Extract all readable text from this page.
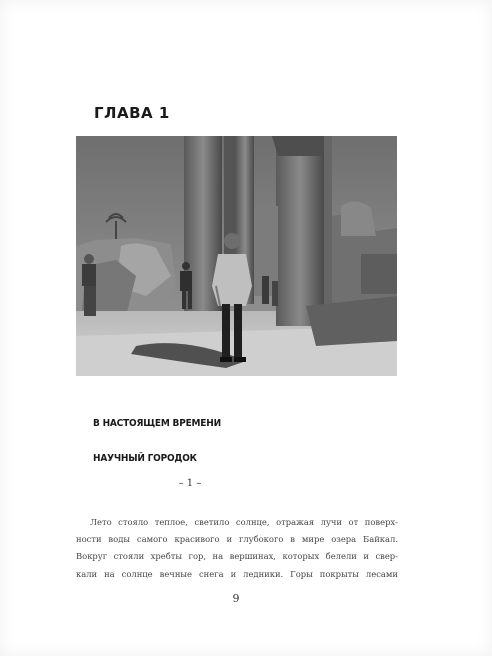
ГЛАВА 1
В НАСТОЯЩЕМ ВРЕМЕНИ
НАУЧНЫЙ ГОРОДОК
– 1 –
Лето стояло теплое, светило солнце, отражая лучи от поверх-
ности воды самого красивого и глубокого в мире озера Байкал.
Вокруг стояли хребты гор, на вершинах, которых белели и свер-
кали на солнце вечные снега и ледники. Горы покрыты лесами
9
